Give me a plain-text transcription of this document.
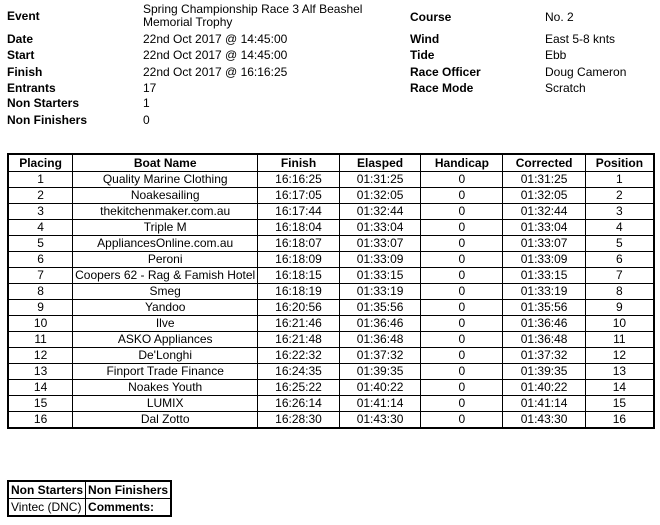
Event	Spring Championship Race 3 Alf Beashel
Memorial Trophy
Date	22nd Oct 2017 @ 14:45:00
Start	22nd Oct 2017 @ 14:45:00
Finish	22nd Oct 2017 @ 16:16:25
Entrants	17
Non Starters	1
Non Finishers	0
Course	No. 2
Wind	East 5-8 knts
Tide	Ebb
Race Officer	Doug Cameron
Race Mode	Scratch
Placing	Boat Name	Finish	Elasped	Handicap	Corrected	Position
1	Quality Marine Clothing	16:16:25	01:31:25	0	01:31:25	1
2	Noakesailing	16:17:05	01:32:05	0	01:32:05	2
3	thekitchenmaker.com.au	16:17:44	01:32:44	0	01:32:44	3
4	Triple M	16:18:04	01:33:04	0	01:33:04	4
5	AppliancesOnline.com.au	16:18:07	01:33:07	0	01:33:07	5
6	Peroni	16:18:09	01:33:09	0	01:33:09	6
7	Coopers 62 - Rag & Famish Hotel	16:18:15	01:33:15	0	01:33:15	7
8	Smeg	16:18:19	01:33:19	0	01:33:19	8
9	Yandoo	16:20:56	01:35:56	0	01:35:56	9
10	Ilve	16:21:46	01:36:46	0	01:36:46	10
11	ASKO Appliances	16:21:48	01:36:48	0	01:36:48	11
12	De'Longhi	16:22:32	01:37:32	0	01:37:32	12
13	Finport Trade Finance	16:24:35	01:39:35	0	01:39:35	13
14	Noakes Youth	16:25:22	01:40:22	0	01:40:22	14
15	LUMIX	16:26:14	01:41:14	0	01:41:14	15
16	Dal Zotto	16:28:30	01:43:30	0	01:43:30	16
Non Starters	Non Finishers
Vintec (DNC)	Comments:
